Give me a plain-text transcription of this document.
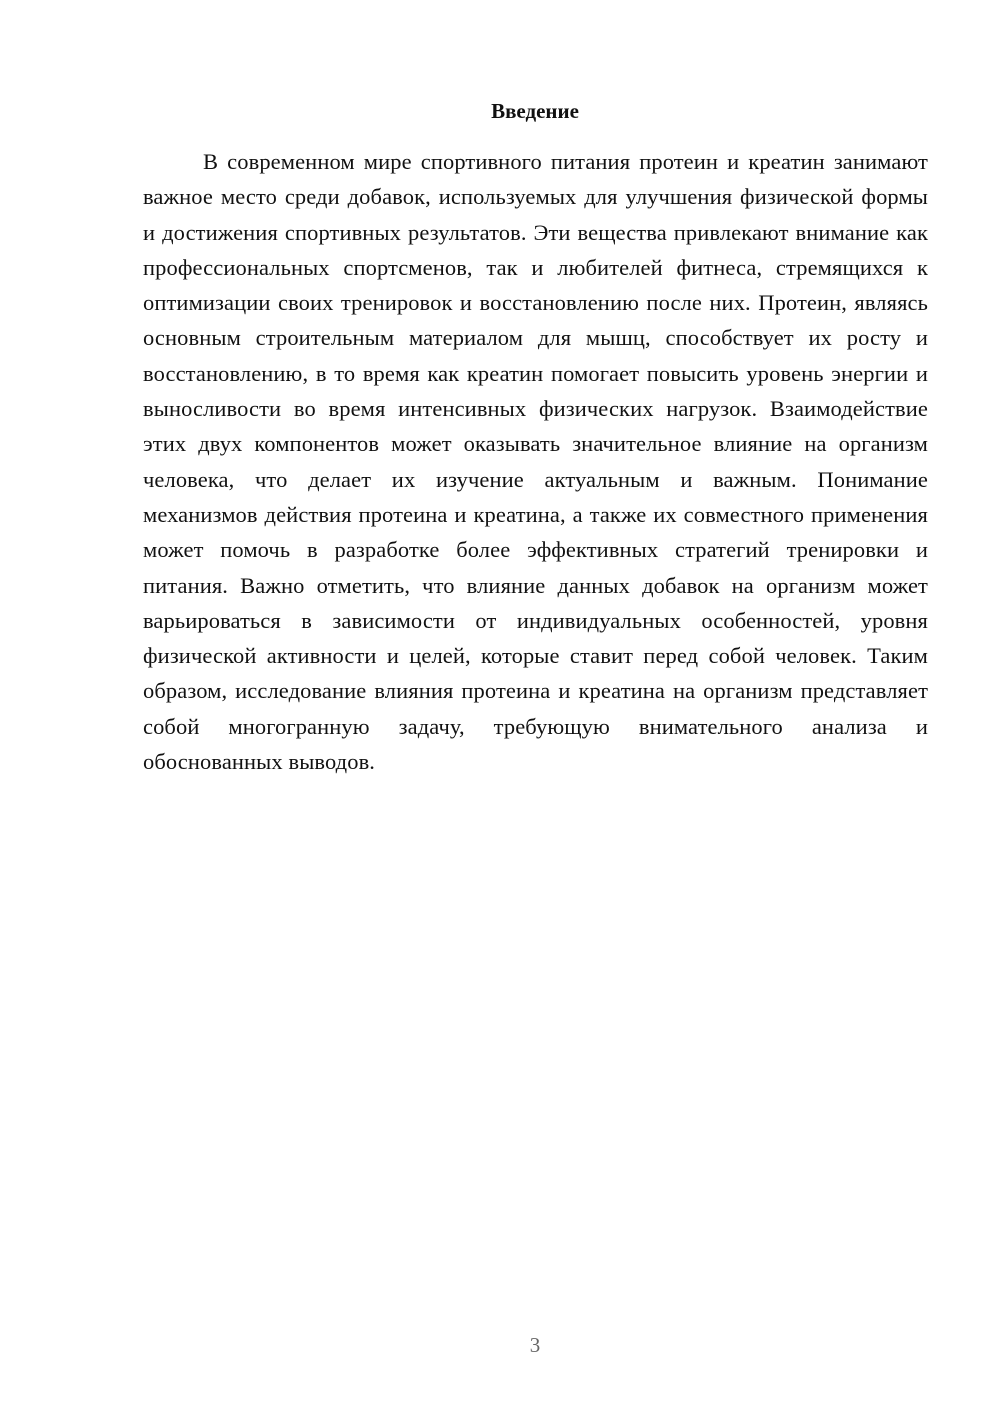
Введение

В современном мире спортивного питания протеин и креатин занимают важное место среди добавок, используемых для улучшения физической формы и достижения спортивных результатов. Эти вещества привлекают внимание как профессиональных спортсменов, так и любителей фитнеса, стремящихся к оптимизации своих тренировок и восстановлению после них. Протеин, являясь основным строительным материалом для мышц, способствует их росту и восстановлению, в то время как креатин помогает повысить уровень энергии и выносливости во время интенсивных физических нагрузок. Взаимодействие этих двух компонентов может оказывать значительное влияние на организм человека, что делает их изучение актуальным и важным. Понимание механизмов действия протеина и креатина, а также их совместного применения может помочь в разработке более эффективных стратегий тренировки и питания. Важно отметить, что влияние данных добавок на организм может варьироваться в зависимости от индивидуальных особенностей, уровня физической активности и целей, которые ставит перед собой человек. Таким образом, исследование влияния протеина и креатина на организм представляет собой многогранную задачу, требующую внимательного анализа и обоснованных выводов.

3
